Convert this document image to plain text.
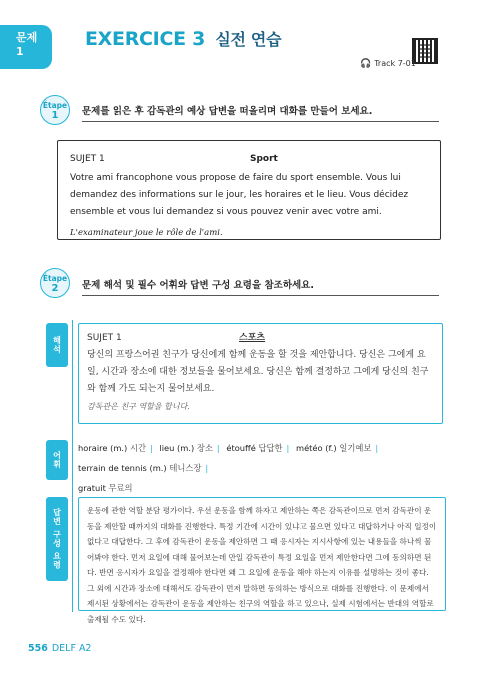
문제
1
EXERCICE 3 실전 연습
🎧 Track 7-01
Étape
1	문제를 읽은 후 감독관의 예상 답변을 떠올리며 대화를 만들어 보세요.
SUJET 1	Sport
Votre ami francophone vous propose de faire du sport ensemble. Vous lui demandez des informations sur le jour, les horaires et le lieu. Vous décidez ensemble et vous lui demandez si vous pouvez venir avec votre ami.
L'examinateur joue le rôle de l'ami.
Étape
2	문제 해석 및 필수 어휘와 답변 구성 요령을 참조하세요.
해석	SUJET 1	스포츠
당신의 프랑스어권 친구가 당신에게 함께 운동을 할 것을 제안합니다. 당신은 그에게 요일, 시간과 장소에 대한 정보들을 물어보세요. 당신은 함께 결정하고 그에게 당신의 친구와 함께 가도 되는지 물어보세요.
감독관은 친구 역할을 합니다.
어휘
horaire (m.) 시간 | lieu (m.) 장소 | étouffé 답답한 | météo (f.) 일기예보 | terrain de tennis (m.) 테니스장 |
gratuit 무료의
답변 구성 요령	운동에 관한 역할 분담 평가이다. 우선 운동을 함께 하자고 제안하는 쪽은 감독관이므로 먼저 감독관이 운동을 제안할 때까지의 대화를 진행한다. 특정 기간에 시간이 있냐고 물으면 있다고 대답하거나 아직 일정이 없다고 대답한다. 그 후에 감독관이 운동을 제안하면 그 때 응시자는 지시사항에 있는 내용들을 하나씩 물어봐야 한다. 먼저 요일에 대해 물어보는데 만일 감독관이 특정 요일을 먼저 제안한다면 그에 동의하면 된다. 반면 응시자가 요일을 결정해야 한다면 왜 그 요일에 운동을 해야 하는지 이유를 설명하는 것이 좋다. 그 외에 시간과 장소에 대해서도 감독관이 먼저 말하면 동의하는 방식으로 대화를 진행한다. 이 문제에서 제시된 상황에서는 감독관이 운동을 제안하는 친구의 역할을 하고 있으나, 실제 시험에서는 반대의 역할로 출제될 수도 있다.
556 DELF A2
